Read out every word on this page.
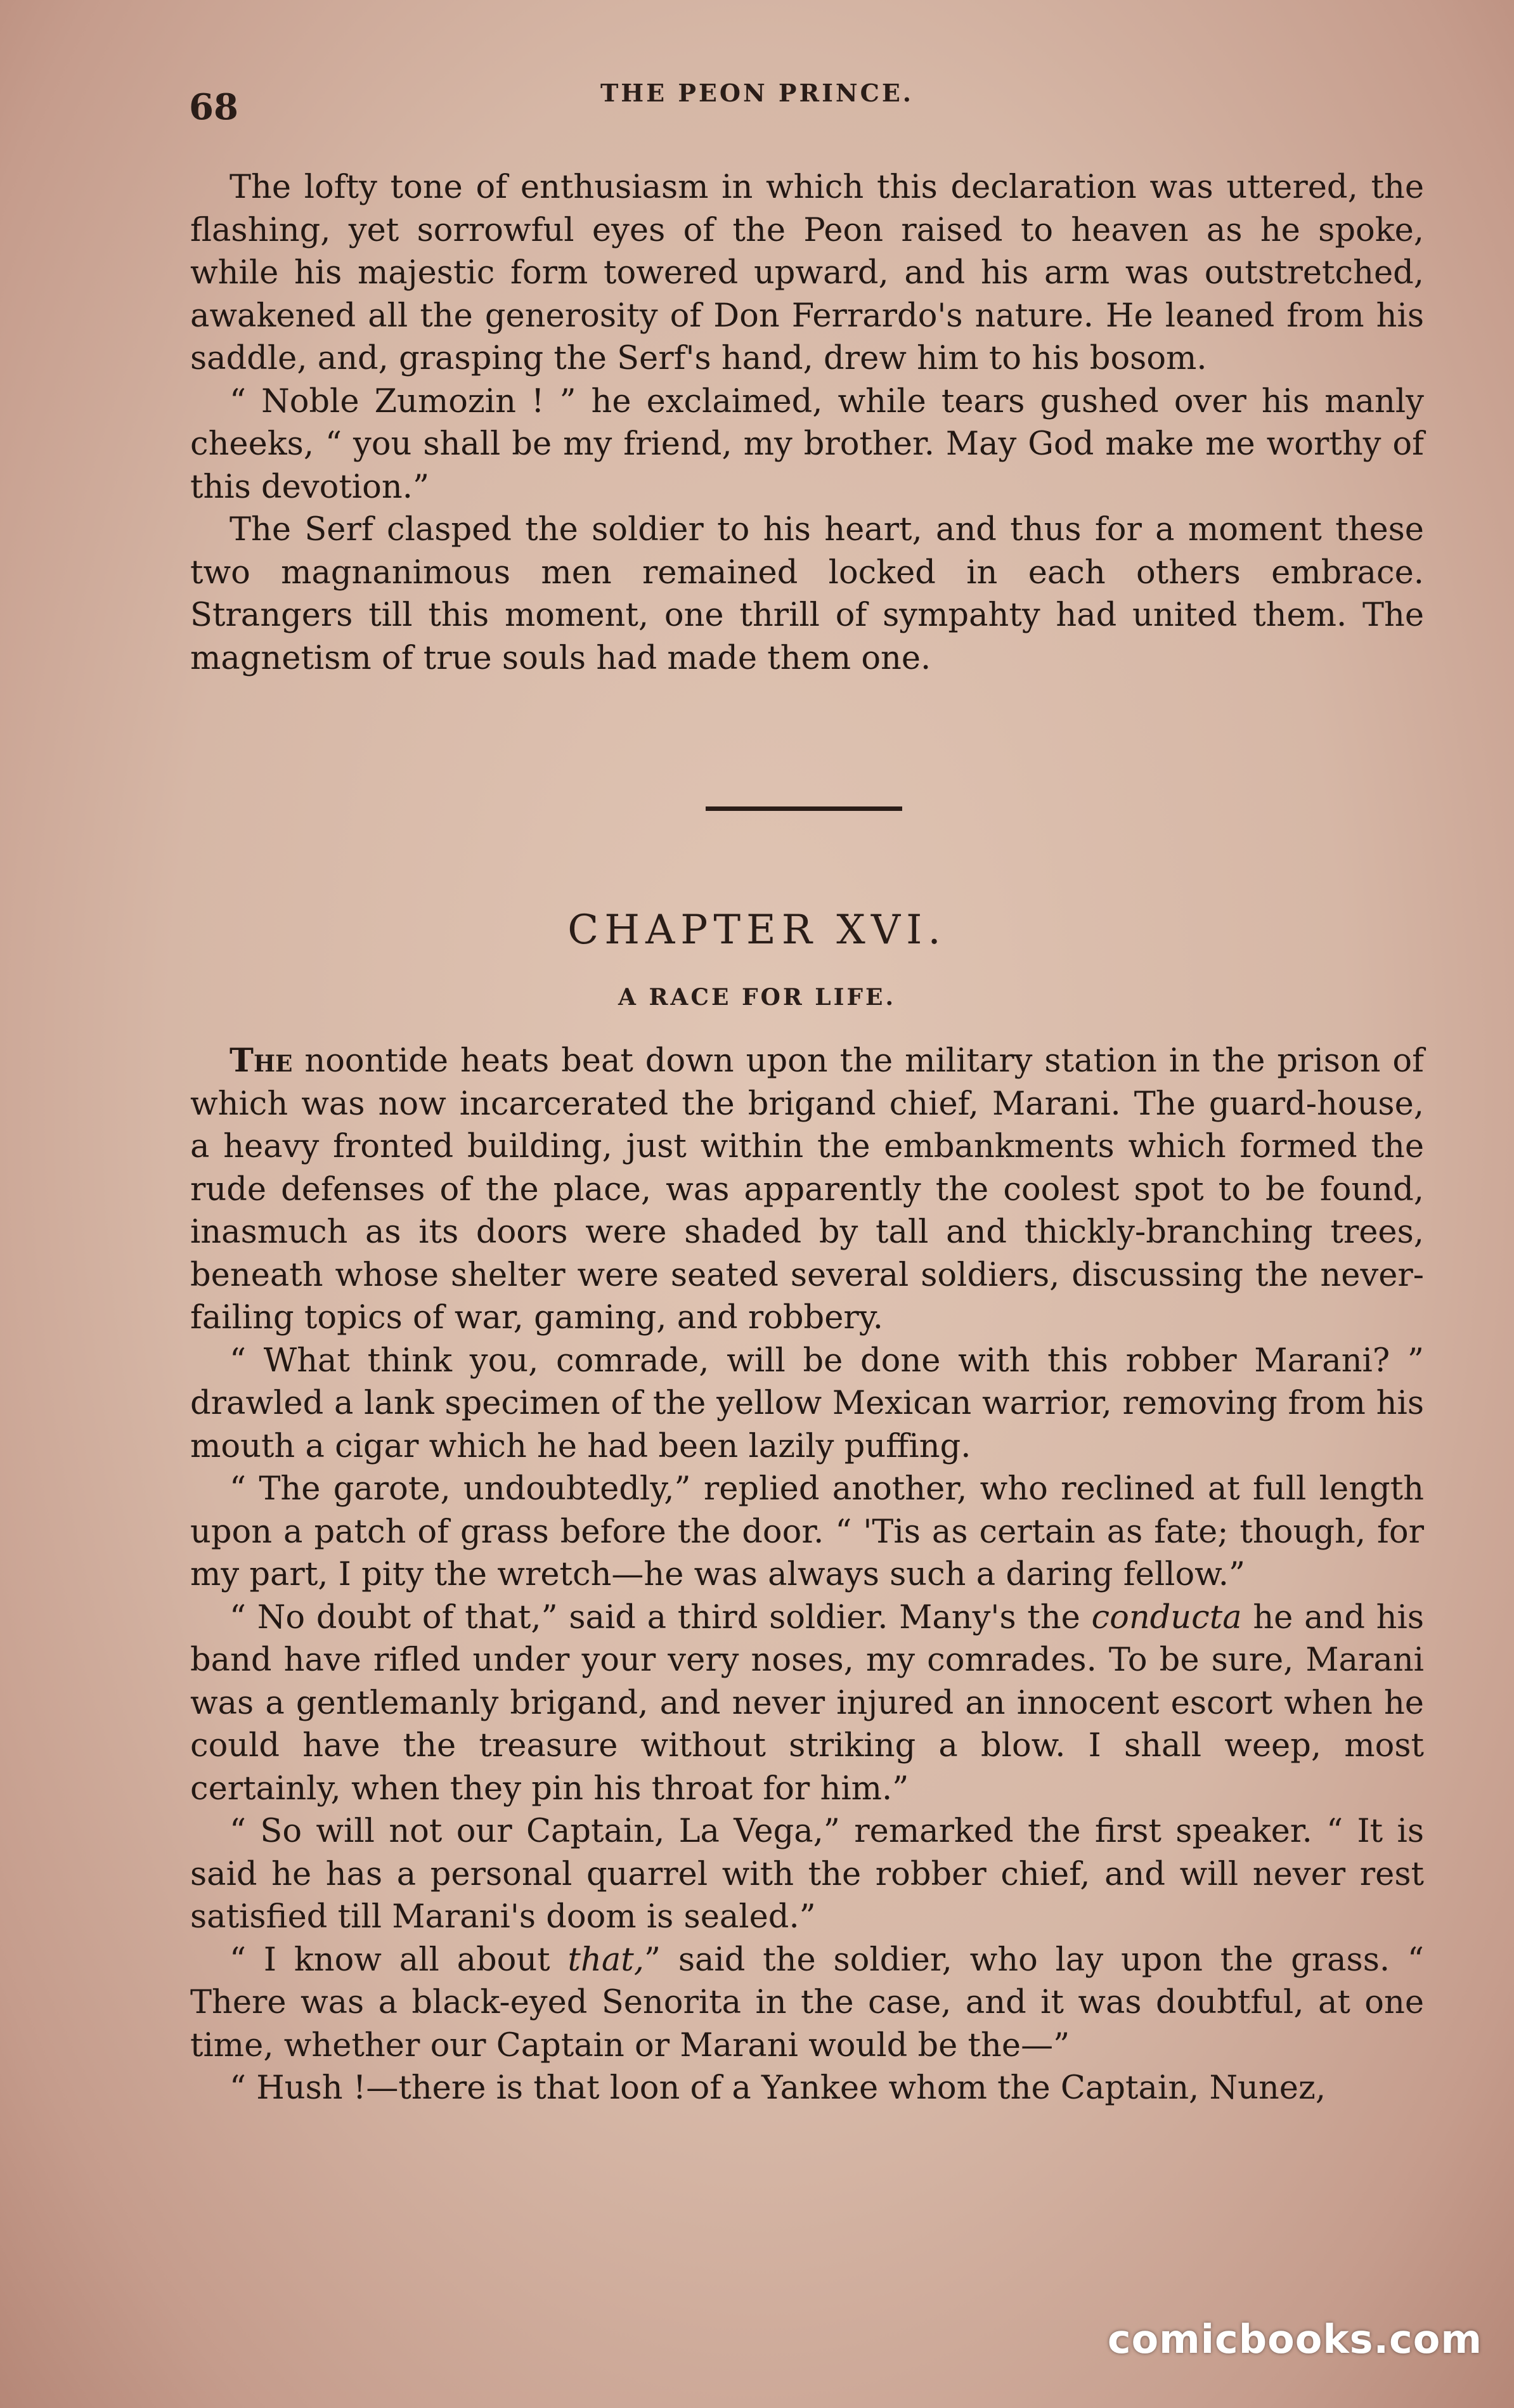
68	THE PEON PRINCE.

The lofty tone of enthusiasm in which this declaration was uttered, the flashing, yet sorrowful eyes of the Peon raised to heaven as he spoke, while his majestic form towered upward, and his arm was outstretched, awakened all the generosity of Don Ferrardo's nature. He leaned from his saddle, and, grasping the Serf's hand, drew him to his bosom.

“ Noble Zumozin ! ” he exclaimed, while tears gushed over his manly cheeks, “ you shall be my friend, my brother. May God make me worthy of this devotion.”

The Serf clasped the soldier to his heart, and thus for a moment these two magnanimous men remained locked in each others embrace. Strangers till this moment, one thrill of sympahty had united them. The magnetism of true souls had made them one.

CHAPTER XVI.
A RACE FOR LIFE.

The noontide heats beat down upon the military station in the prison of which was now incarcerated the brigand chief, Marani. The guard-house, a heavy fronted building, just within the embankments which formed the rude defenses of the place, was apparently the coolest spot to be found, inasmuch as its doors were shaded by tall and thickly-branching trees, beneath whose shelter were seated several soldiers, discussing the never-failing topics of war, gaming, and robbery.

“ What think you, comrade, will be done with this robber Marani? ” drawled a lank specimen of the yellow Mexican warrior, removing from his mouth a cigar which he had been lazily puffing.

“ The garote, undoubtedly,” replied another, who reclined at full length upon a patch of grass before the door. “ 'Tis as certain as fate; though, for my part, I pity the wretch—he was always such a daring fellow.”

“ No doubt of that,” said a third soldier. Many's the conducta he and his band have rifled under your very noses, my comrades. To be sure, Marani was a gentlemanly brigand, and never injured an innocent escort when he could have the treasure without striking a blow. I shall weep, most certainly, when they pin his throat for him.”

“ So will not our Captain, La Vega,” remarked the first speaker. “ It is said he has a personal quarrel with the robber chief, and will never rest satisfied till Marani's doom is sealed.”

“ I know all about that,” said the soldier, who lay upon the grass. “ There was a black-eyed Senorita in the case, and it was doubtful, at one time, whether our Captain or Marani would be the—”

“ Hush !—there is that loon of a Yankee whom the Captain, Nunez,

comicbooks.com
